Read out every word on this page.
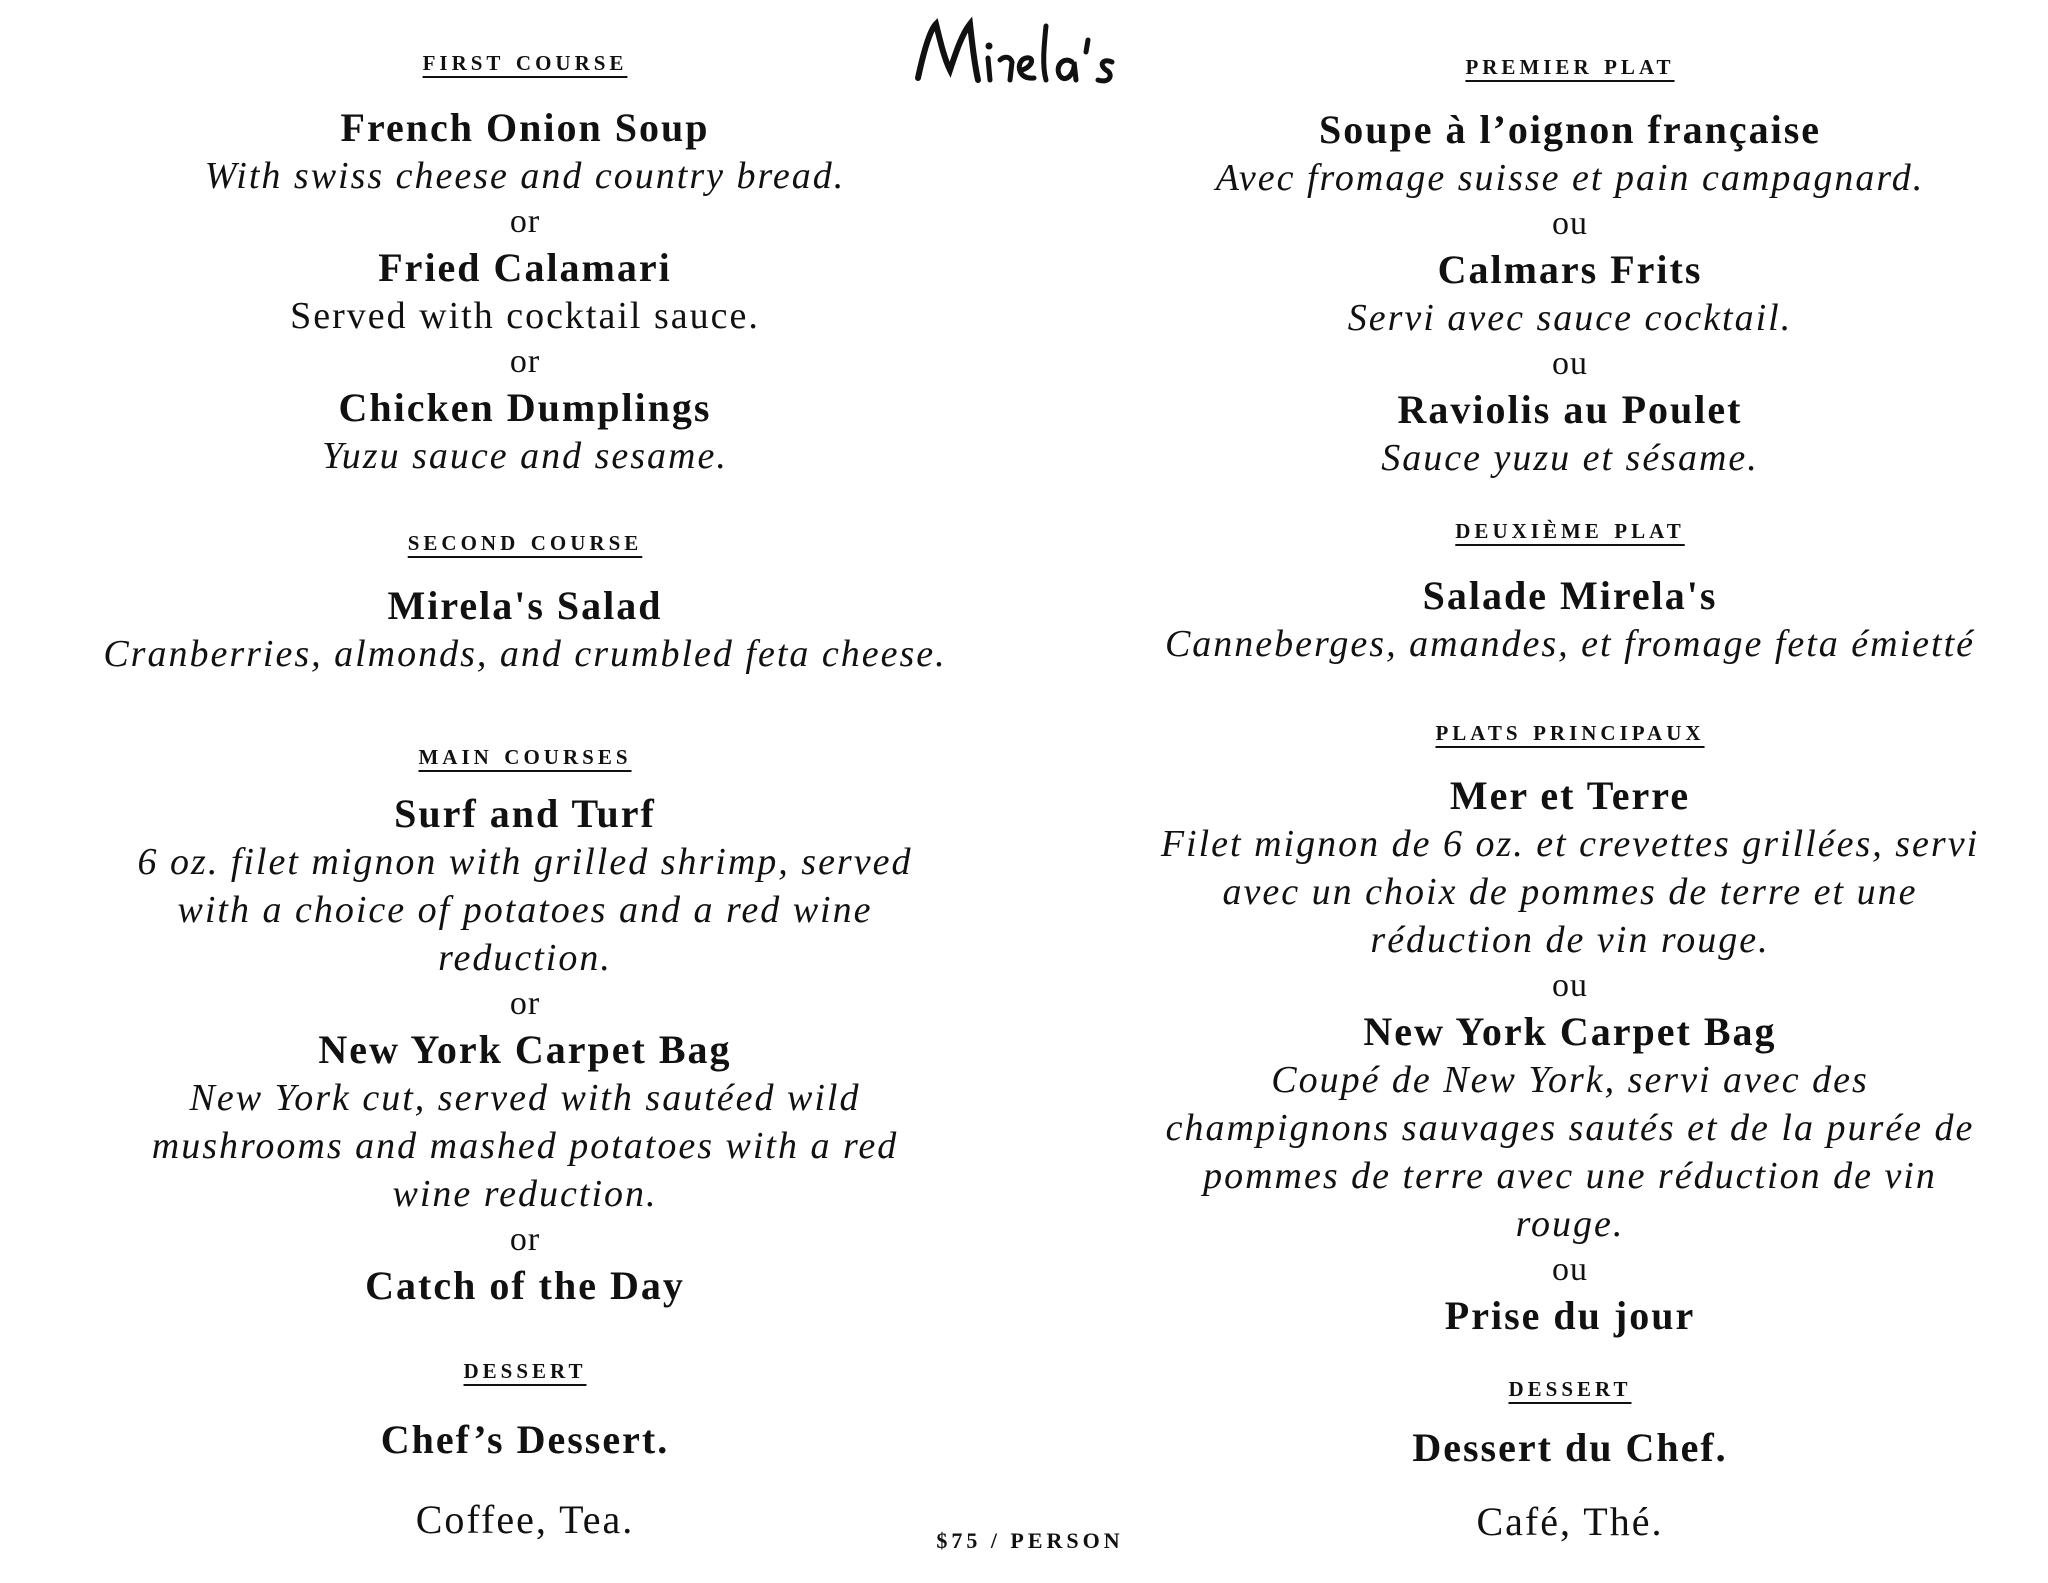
first course
French Onion Soup
With swiss cheese and country bread.
or
Fried Calamari
Served with cocktail sauce.
or
Chicken Dumplings
Yuzu sauce and sesame.
second course
Mirela's Salad
Cranberries, almonds, and crumbled feta cheese.
main courses
Surf and Turf
6 oz. filet mignon with grilled shrimp, served
with a choice of potatoes and a red wine
reduction.
or
New York Carpet Bag
New York cut, served with sautéed wild
mushrooms and mashed potatoes with a red
wine reduction.
or
Catch of the Day
dessert
Chef’s Dessert.
Coffee, Tea.
premier plat
Soupe à l’oignon française
Avec fromage suisse et pain campagnard.
ou
Calmars Frits
Servi avec sauce cocktail.
ou
Raviolis au Poulet
Sauce yuzu et sésame.
deuxième plat
Salade Mirela's
Canneberges, amandes, et fromage feta émietté
plats principaux
Mer et Terre
Filet mignon de 6 oz. et crevettes grillées, servi
avec un choix de pommes de terre et une
réduction de vin rouge.
ou
New York Carpet Bag
Coupé de New York, servi avec des
champignons sauvages sautés et de la purée de
pommes de terre avec une réduction de vin
rouge.
ou
Prise du jour
dessert
Dessert du Chef.
Café, Thé.
$75 / PERSON
